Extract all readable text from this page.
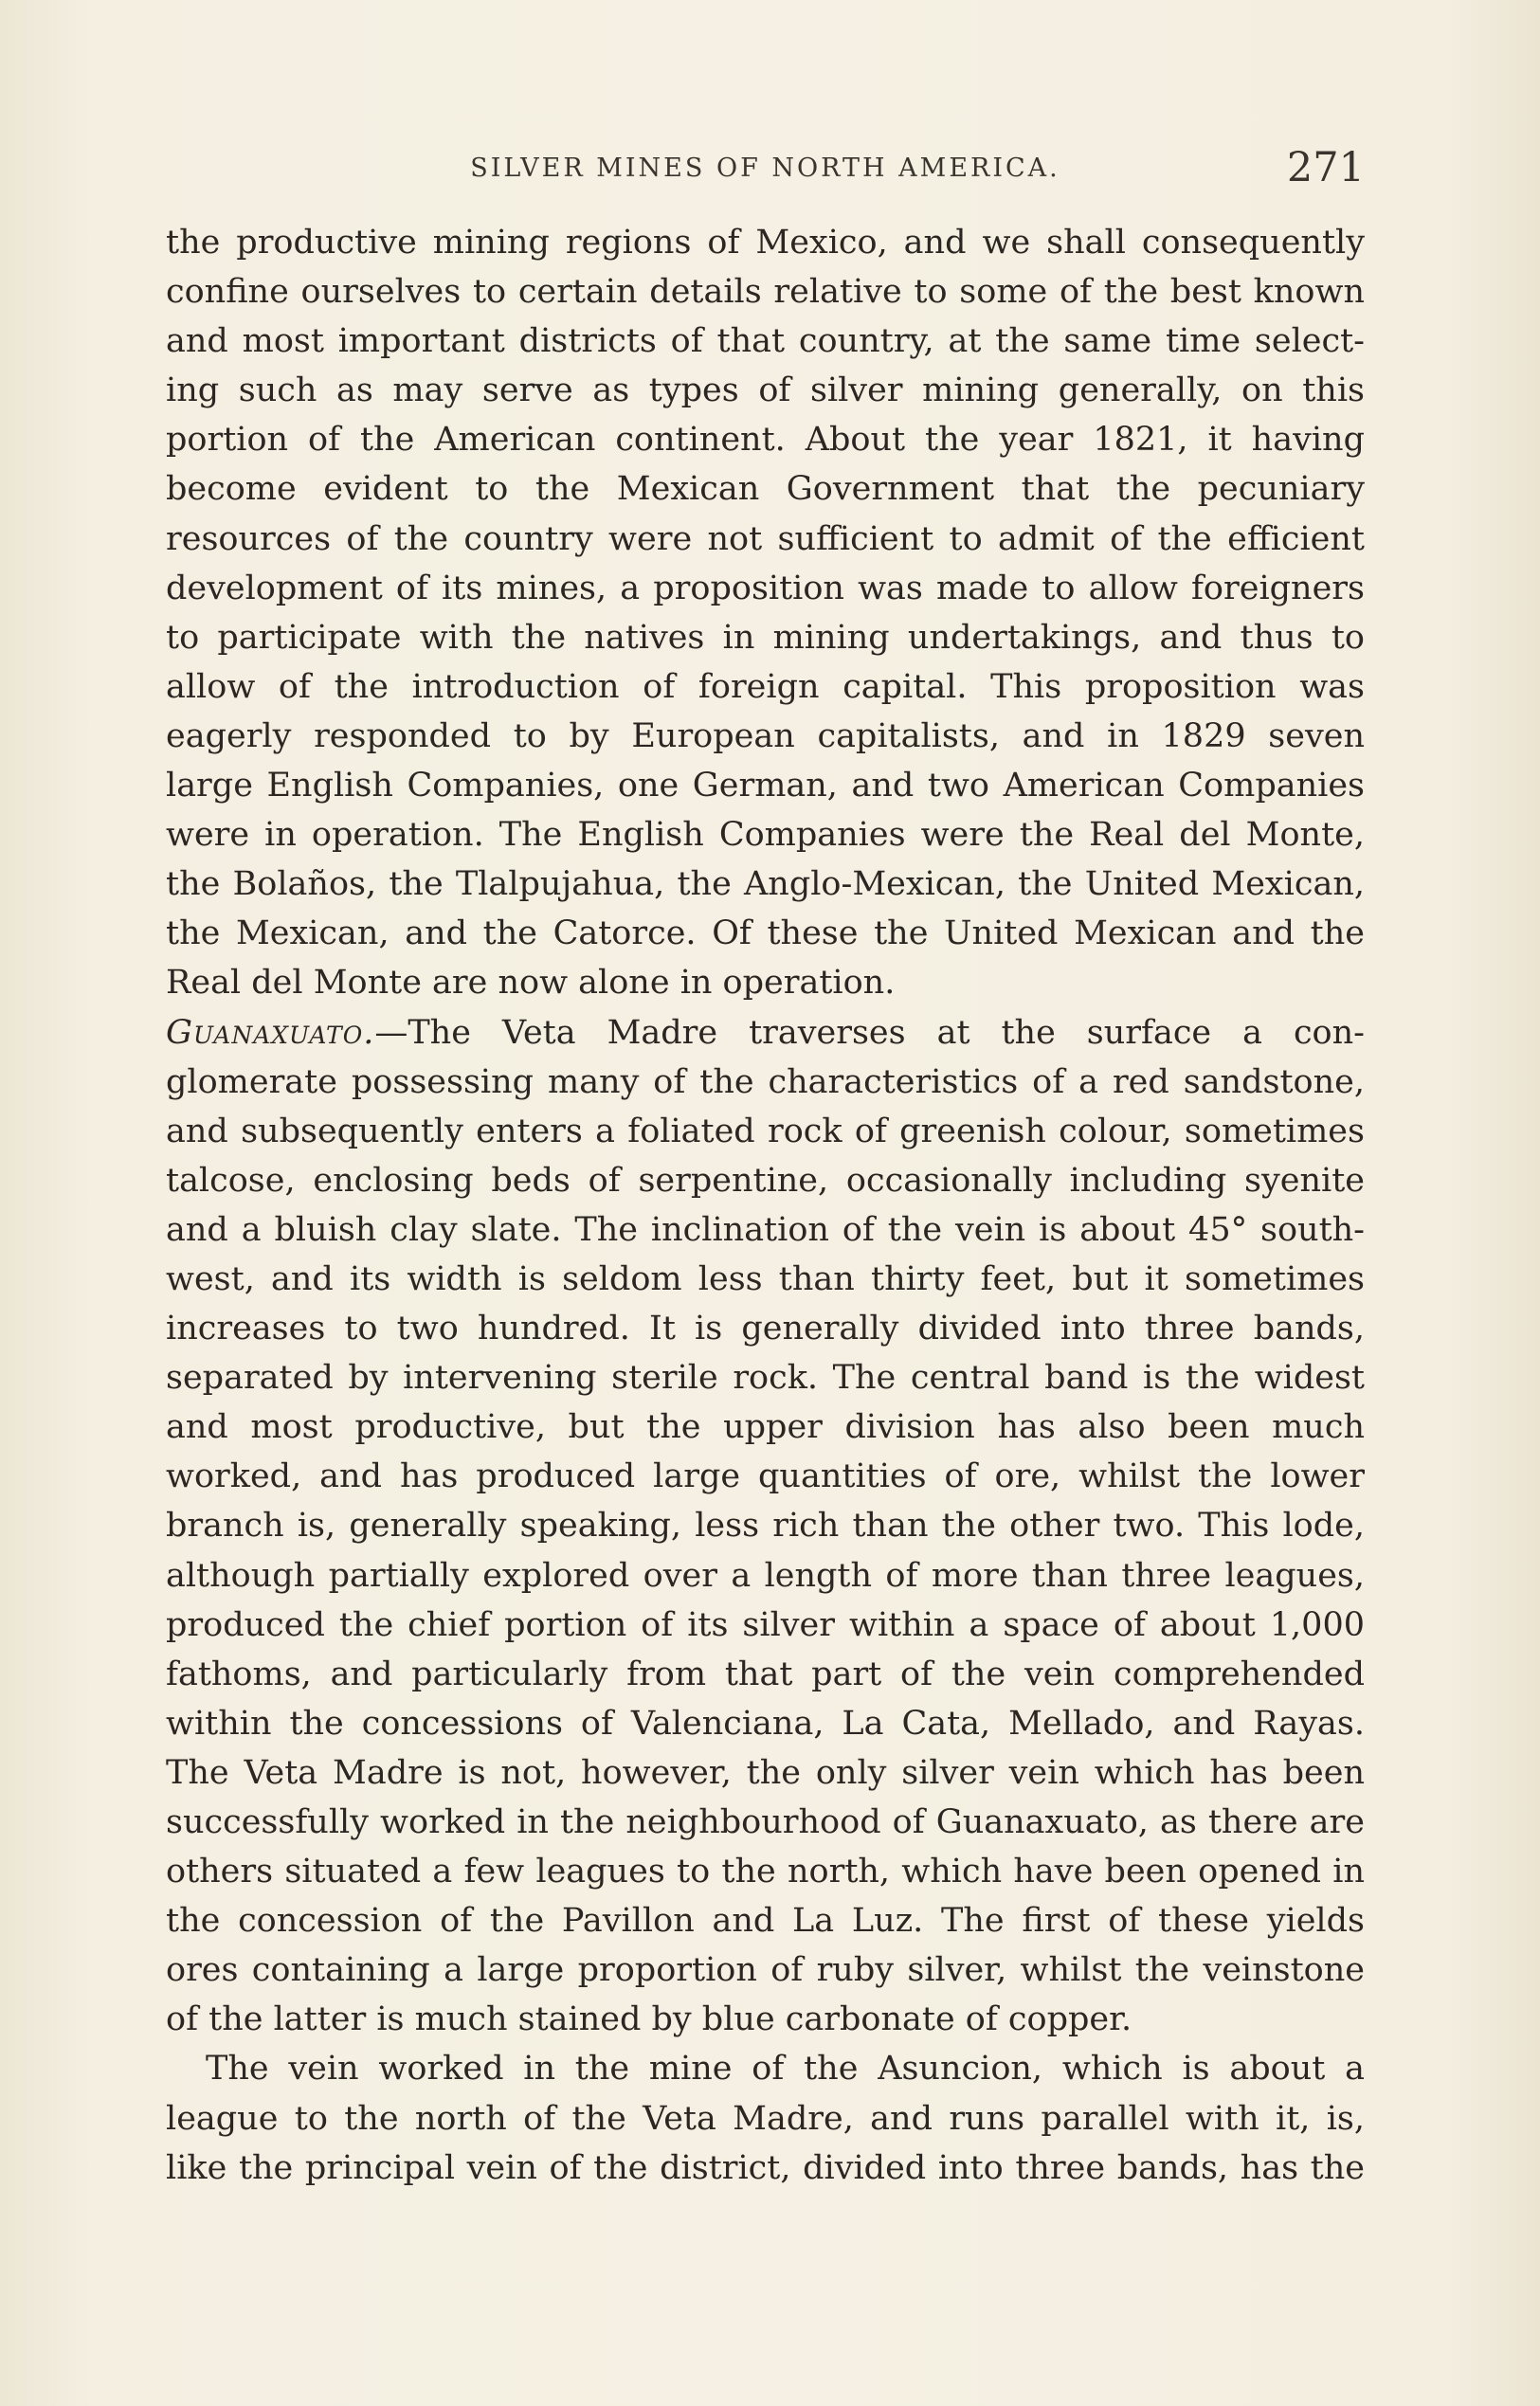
SILVER MINES OF NORTH AMERICA.	271
the productive mining regions of Mexico, and we shall consequently
confine ourselves to certain details relative to some of the best known
and most important districts of that country, at the same time select-
ing such as may serve as types of silver mining generally, on this
portion of the American continent. About the year 1821, it having
become evident to the Mexican Government that the pecuniary
resources of the country were not sufficient to admit of the efficient
development of its mines, a proposition was made to allow foreigners
to participate with the natives in mining undertakings, and thus to
allow of the introduction of foreign capital. This proposition was
eagerly responded to by European capitalists, and in 1829 seven
large English Companies, one German, and two American Companies
were in operation. The English Companies were the Real del Monte,
the Bolaños, the Tlalpujahua, the Anglo-Mexican, the United Mexican,
the Mexican, and the Catorce. Of these the United Mexican and the
Real del Monte are now alone in operation.
Guanaxuato.—The Veta Madre traverses at the surface a con-
glomerate possessing many of the characteristics of a red sandstone,
and subsequently enters a foliated rock of greenish colour, sometimes
talcose, enclosing beds of serpentine, occasionally including syenite
and a bluish clay slate. The inclination of the vein is about 45° south-
west, and its width is seldom less than thirty feet, but it sometimes
increases to two hundred. It is generally divided into three bands,
separated by intervening sterile rock. The central band is the widest
and most productive, but the upper division has also been much
worked, and has produced large quantities of ore, whilst the lower
branch is, generally speaking, less rich than the other two. This lode,
although partially explored over a length of more than three leagues,
produced the chief portion of its silver within a space of about 1,000
fathoms, and particularly from that part of the vein comprehended
within the concessions of Valenciana, La Cata, Mellado, and Rayas.
The Veta Madre is not, however, the only silver vein which has been
successfully worked in the neighbourhood of Guanaxuato, as there are
others situated a few leagues to the north, which have been opened in
the concession of the Pavillon and La Luz. The first of these yields
ores containing a large proportion of ruby silver, whilst the veinstone
of the latter is much stained by blue carbonate of copper.
The vein worked in the mine of the Asuncion, which is about a
league to the north of the Veta Madre, and runs parallel with it, is,
like the principal vein of the district, divided into three bands, has the
